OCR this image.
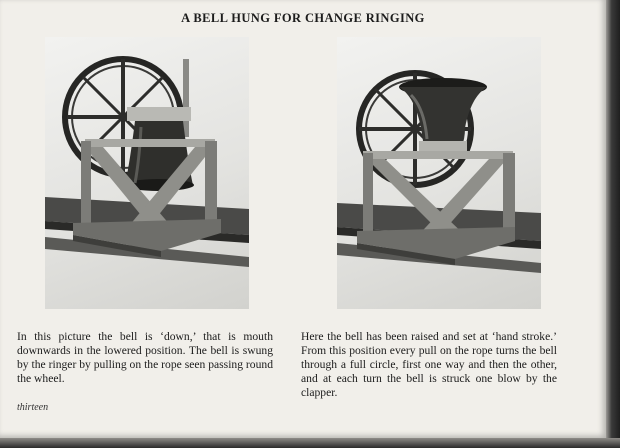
A BELL HUNG FOR CHANGE RINGING

In this picture the bell is ‘down,’ that is mouth downwards in the lowered position. The bell is swung by the ringer by pulling on the rope seen passing round the wheel.

Here the bell has been raised and set at ‘hand stroke.’ From this position every pull on the rope turns the bell through a full circle, first one way and then the other, and at each turn the bell is struck one blow by the clapper.

thirteen
